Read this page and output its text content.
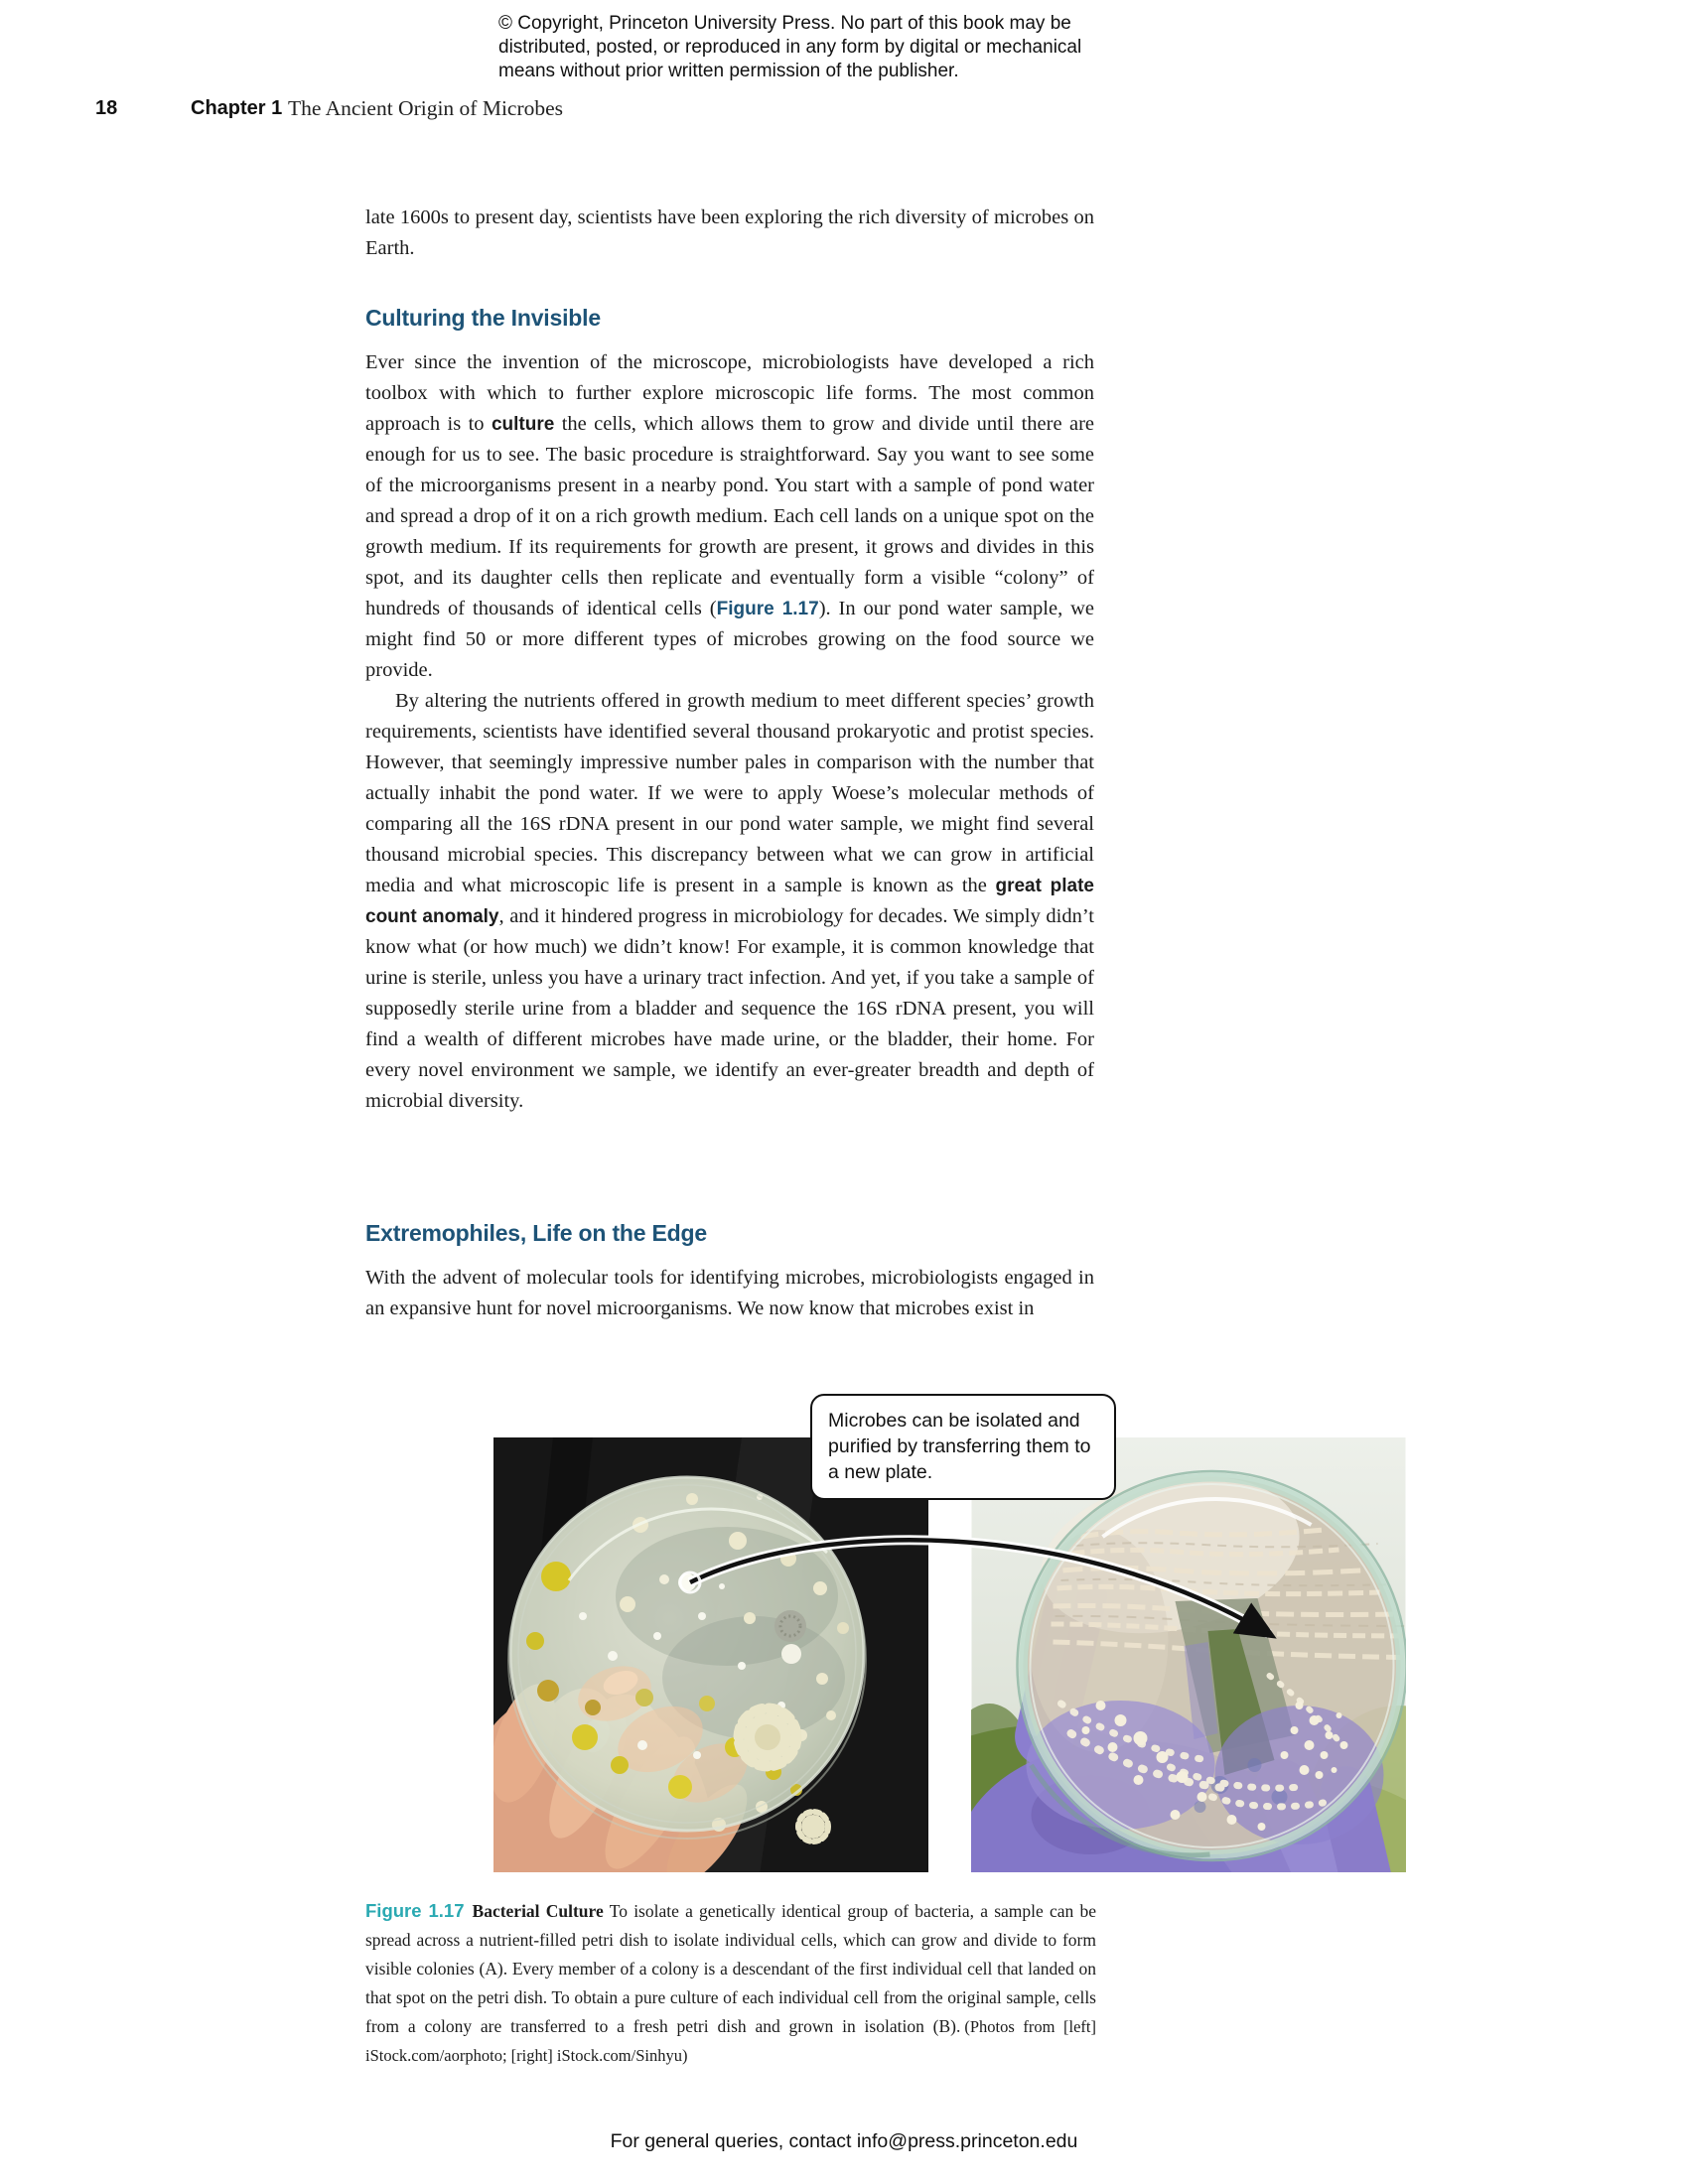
© Copyright, Princeton University Press. No part of this book may be
distributed, posted, or reproduced in any form by digital or mechanical
means without prior written permission of the publisher.
18	Chapter 1 The Ancient Origin of Microbes

late 1600s to present day, scientists have been exploring the rich diversity of microbes on Earth.

Culturing the Invisible

Ever since the invention of the microscope, microbiologists have developed a rich toolbox with which to further explore microscopic life forms. The most common approach is to culture the cells, which allows them to grow and divide until there are enough for us to see. The basic procedure is straightforward. Say you want to see some of the microorganisms present in a nearby pond. You start with a sample of pond water and spread a drop of it on a rich growth medium. Each cell lands on a unique spot on the growth medium. If its requirements for growth are present, it grows and divides in this spot, and its daughter cells then replicate and eventually form a visible “colony” of hundreds of thousands of identical cells (Figure 1.17). In our pond water sample, we might find 50 or more different types of microbes growing on the food source we provide.

By altering the nutrients offered in growth medium to meet different species’ growth requirements, scientists have identified several thousand prokaryotic and protist species. However, that seemingly impressive number pales in comparison with the number that actually inhabit the pond water. If we were to apply Woese’s molecular methods of comparing all the 16S rDNA present in our pond water sample, we might find several thousand microbial species. This discrepancy between what we can grow in artificial media and what microscopic life is present in a sample is known as the great plate count anomaly, and it hindered progress in microbiology for decades. We simply didn’t know what (or how much) we didn’t know! For example, it is common knowledge that urine is sterile, unless you have a urinary tract infection. And yet, if you take a sample of supposedly sterile urine from a bladder and sequence the 16S rDNA present, you will find a wealth of different microbes have made urine, or the bladder, their home. For every novel environment we sample, we identify an ever-greater breadth and depth of microbial diversity.

Extremophiles, Life on the Edge

With the advent of molecular tools for identifying microbes, microbiologists engaged in an expansive hunt for novel microorganisms. We now know that microbes exist in

Microbes can be isolated and purified by transferring them to a new plate.
Figure 1.17 Bacterial Culture To isolate a genetically identical group of bacteria, a sample can be spread across a nutrient-filled petri dish to isolate individual cells, which can grow and divide to form visible colonies (A). Every member of a colony is a descendant of the first individual cell that landed on that spot on the petri dish. To obtain a pure culture of each individual cell from the original sample, cells from a colony are transferred to a fresh petri dish and grown in isolation (B). (Photos from [left] iStock.com/aorphoto; [right] iStock.com/Sinhyu)
For general queries, contact info@press.princeton.edu
